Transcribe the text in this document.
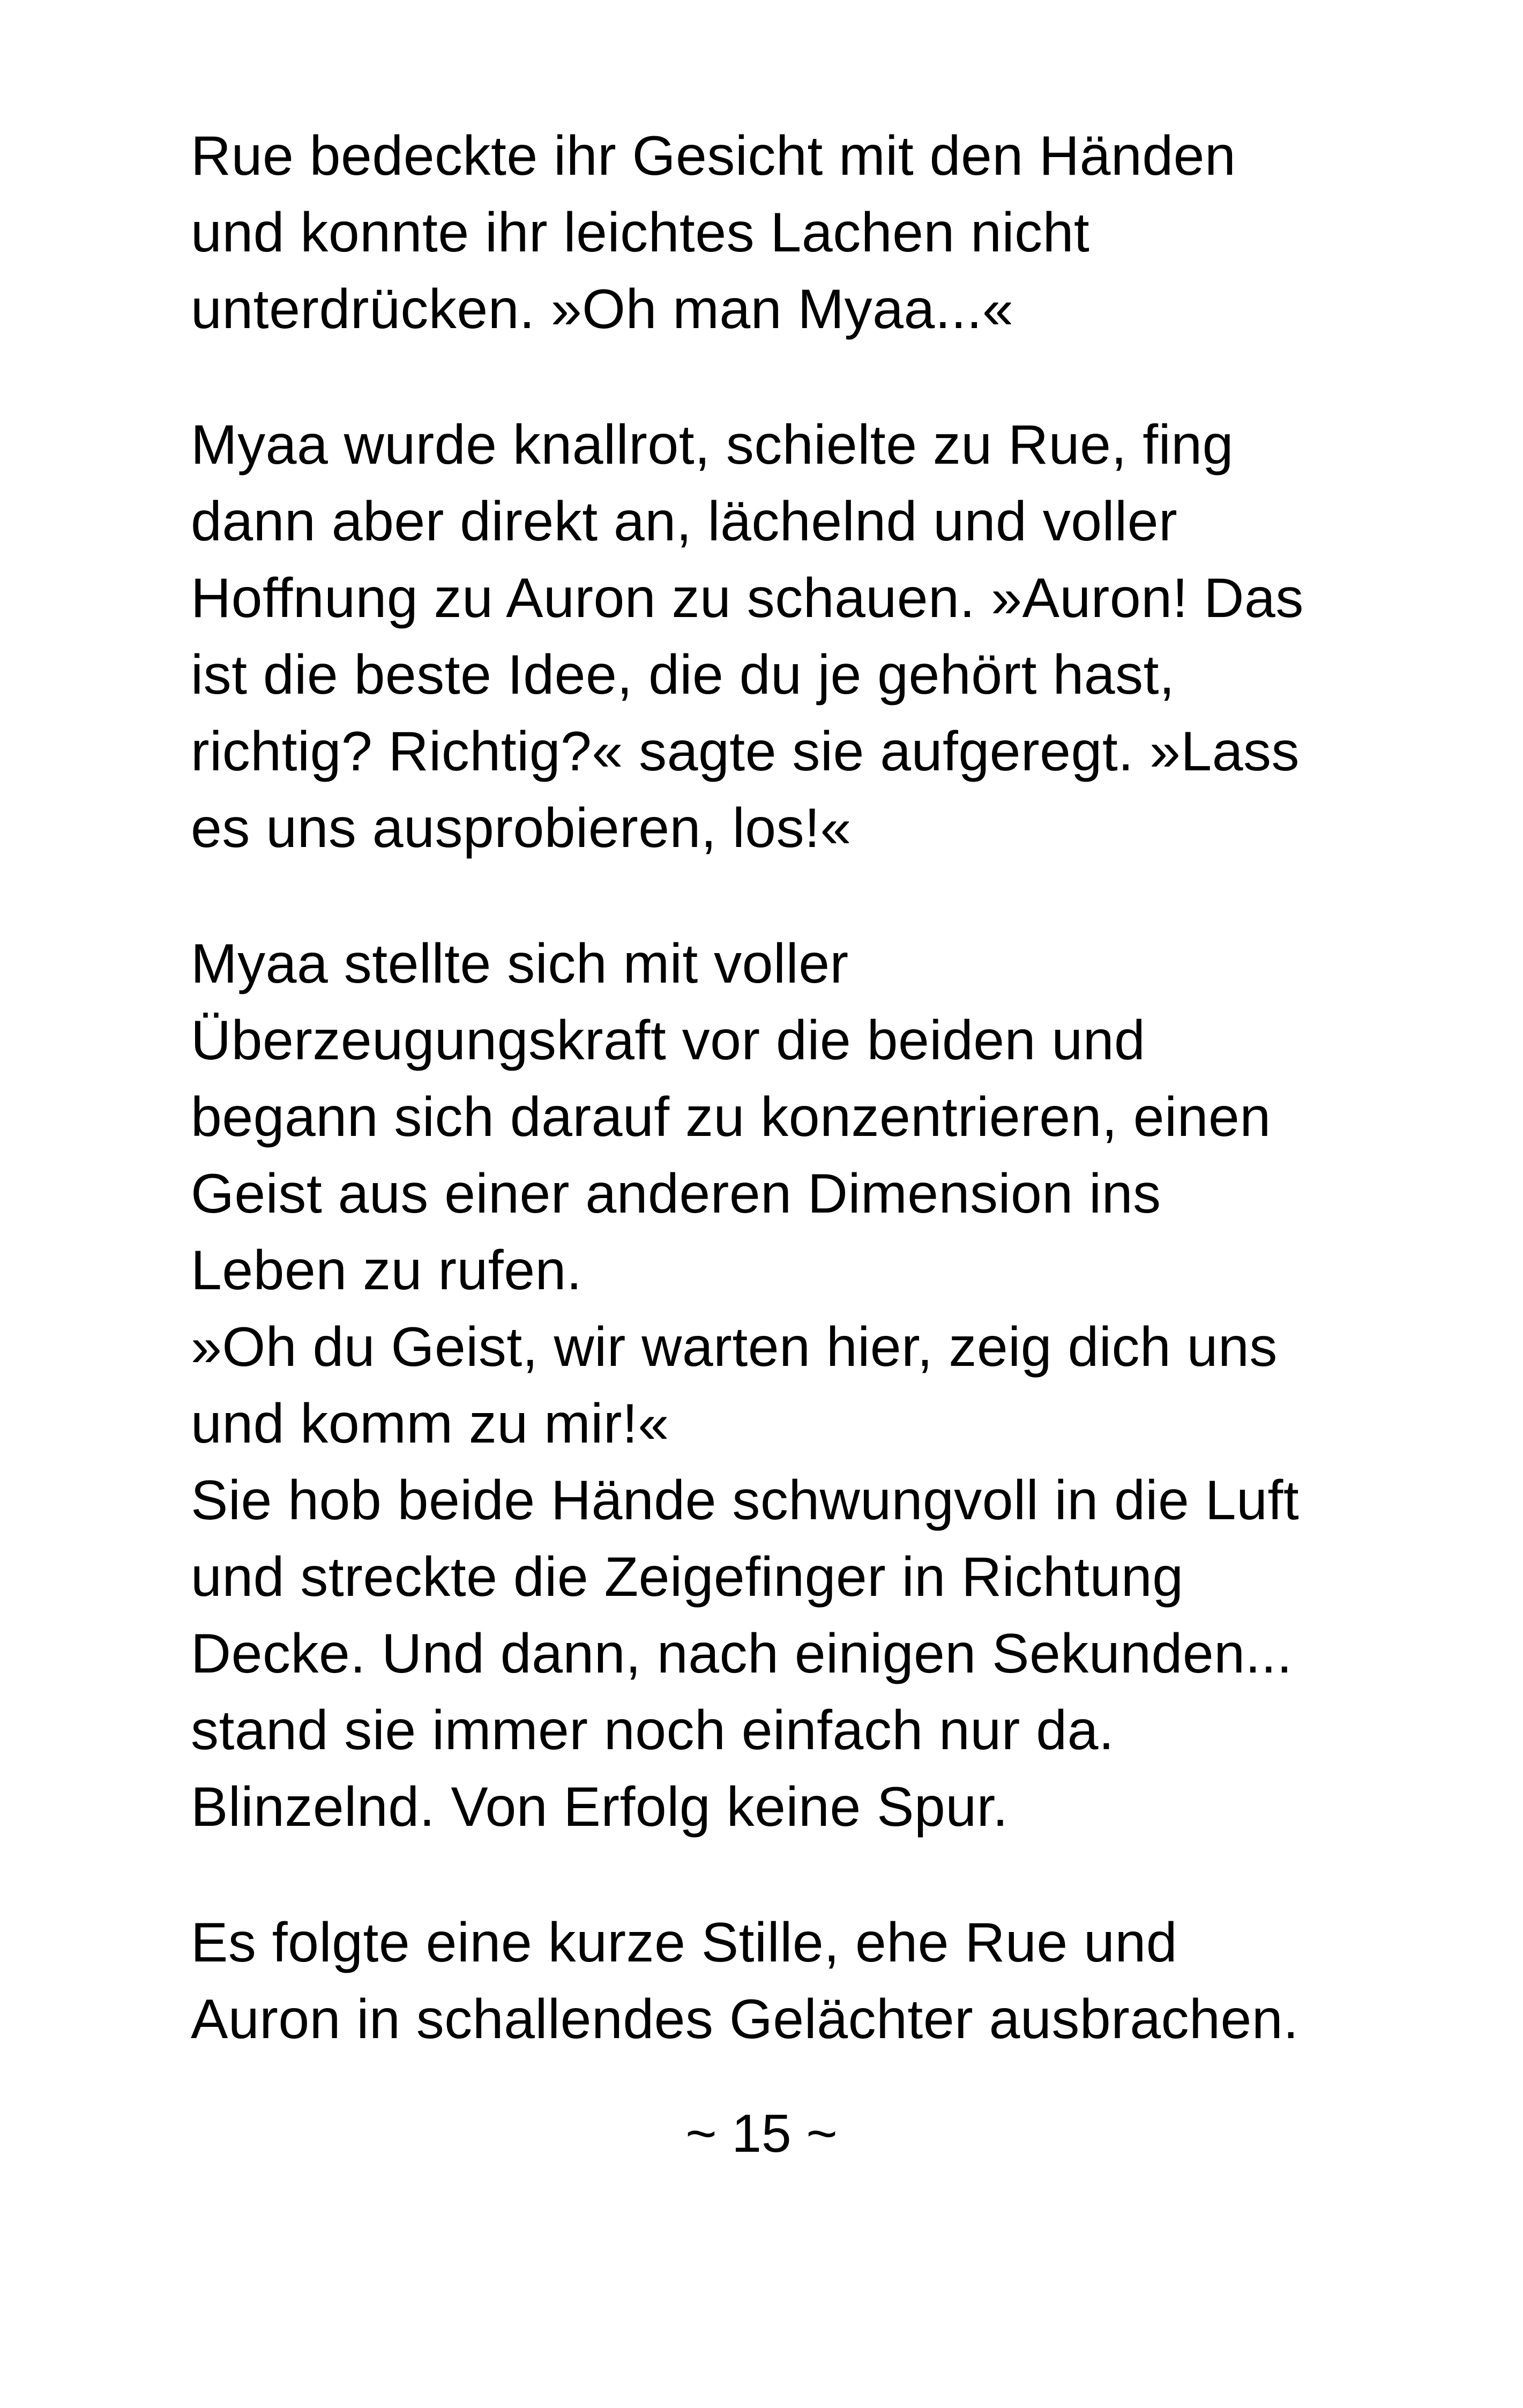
Rue bedeckte ihr Gesicht mit den Händen
und konnte ihr leichtes Lachen nicht
unterdrücken. »Oh man Myaa...«
Myaa wurde knallrot, schielte zu Rue, fing
dann aber direkt an, lächelnd und voller
Hoffnung zu Auron zu schauen. »Auron! Das
ist die beste Idee, die du je gehört hast,
richtig? Richtig?« sagte sie aufgeregt. »Lass
es uns ausprobieren, los!«
Myaa stellte sich mit voller
Überzeugungskraft vor die beiden und
begann sich darauf zu konzentrieren, einen
Geist aus einer anderen Dimension ins
Leben zu rufen.
»Oh du Geist, wir warten hier, zeig dich uns
und komm zu mir!«
Sie hob beide Hände schwungvoll in die Luft
und streckte die Zeigefinger in Richtung
Decke. Und dann, nach einigen Sekunden...
stand sie immer noch einfach nur da.
Blinzelnd. Von Erfolg keine Spur.
Es folgte eine kurze Stille, ehe Rue und
Auron in schallendes Gelächter ausbrachen.
~ 15 ~
